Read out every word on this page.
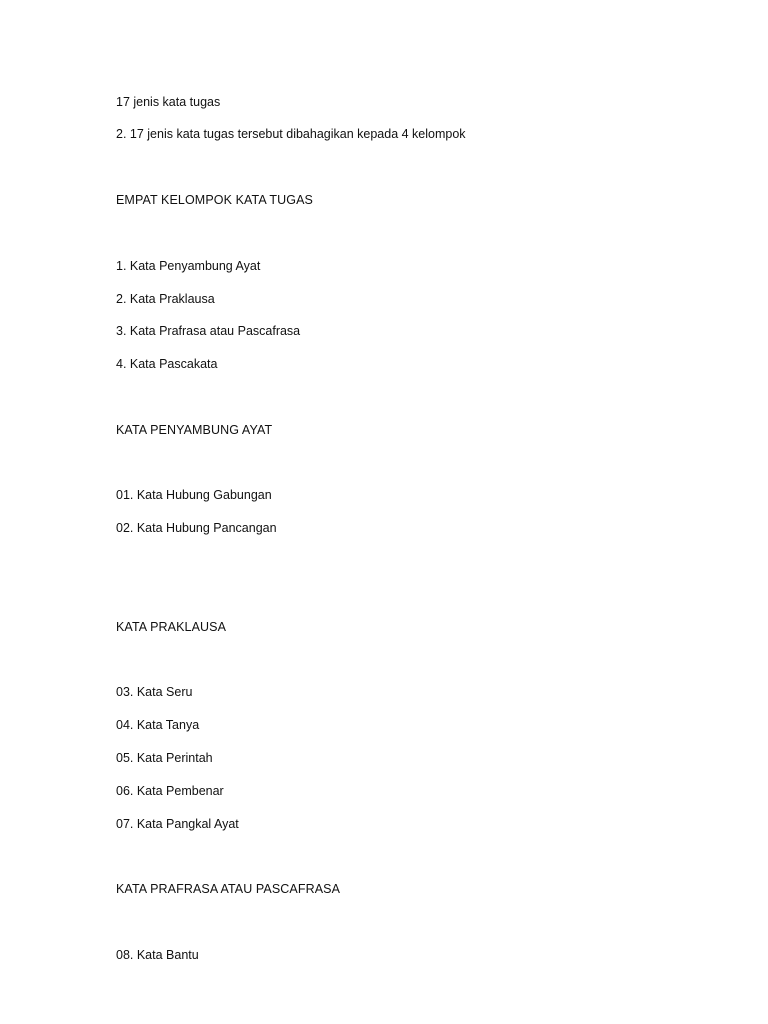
17 jenis kata tugas

2. 17 jenis kata tugas tersebut dibahagikan kepada 4 kelompok

EMPAT KELOMPOK KATA TUGAS

1. Kata Penyambung Ayat

2. Kata Praklausa

3. Kata Prafrasa atau Pascafrasa

4. Kata Pascakata

KATA PENYAMBUNG AYAT

01. Kata Hubung Gabungan

02. Kata Hubung Pancangan

KATA PRAKLAUSA

03. Kata Seru

04. Kata Tanya

05. Kata Perintah

06. Kata Pembenar

07. Kata Pangkal Ayat

KATA PRAFRASA ATAU PASCAFRASA

08. Kata Bantu
